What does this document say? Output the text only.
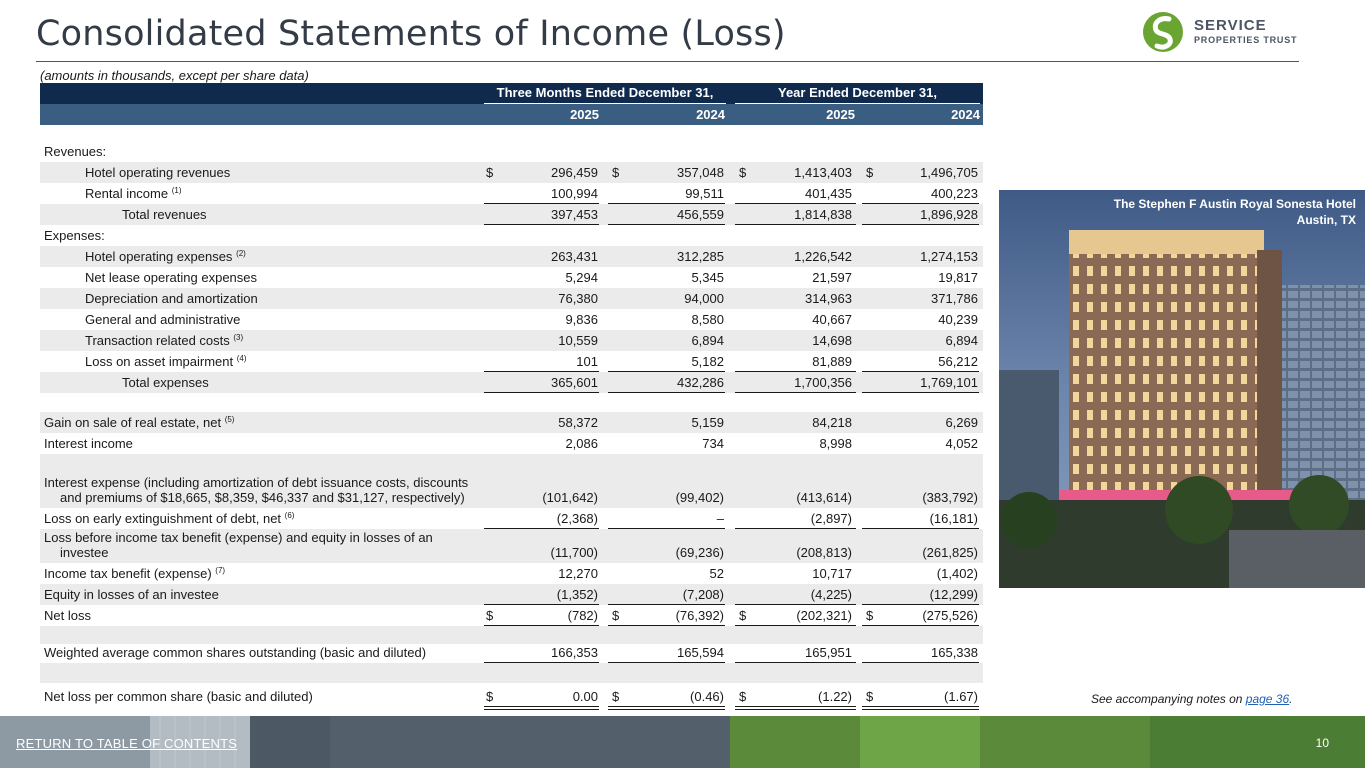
Consolidated Statements of Income (Loss)	SERVICE
PROPERTIES TRUST
(amounts in thousands, except per share data)
Three Months Ended December 31,	Year Ended December 31,
2025	2024	2025	2024
Revenues:
Hotel operating revenues	$	296,459 $	357,048 $	1,413,403 $	1,496,705
Rental income $^{(1)}$	100,994	99,511	401,435	400,223
Total revenues	397,453	456,559	1,814,838	1,896,928
Expenses:
Hotel operating expenses $^{(2)}$	263,431	312,285	1,226,542	1,274,153
Net lease operating expenses	5,294	5,345	21,597	19,817
Depreciation and amortization	76,380	94,000	314,963	371,786
General and administrative	9,836	8,580	40,667	40,239
Transaction related costs $^{(3)}$	10,559	6,894	14,698	6,894
Loss on asset impairment $^{(4)}$	101	5,182	81,889	56,212
Total expenses	365,601	432,286	1,700,356	1,769,101
Gain on sale of real estate, net $^{(5)}$	58,372	5,159	84,218	6,269
Interest income	2,086	734	8,998	4,052
Interest expense (including amortization of debt issuance costs, discounts and premiums of $18,665, $8,359, $46,337 and $31,127, respectively)	(101,642)	(99,402)	(413,614)	(383,792)
Loss on early extinguishment of debt, net $^{(6)}$	(2,368)	–	(2,897)	(16,181)
Loss before income tax benefit (expense) and equity in losses of an investee	(11,700)	(69,236)	(208,813)	(261,825)
Income tax benefit (expense) $^{(7)}$	12,270	52	10,717	(1,402)
Equity in losses of an investee	(1,352)	(7,208)	(4,225)	(12,299)
Net loss	$	(782) $	(76,392) $	(202,321) $	(275,526)
Weighted average common shares outstanding (basic and diluted)	166,353	165,594	165,951	165,338
Net loss per common share (basic and diluted)	$	0.00 $	(0.46) $	(1.22) $	(1.67)
The Stephen F Austin Royal Sonesta Hotel
Austin, TX
See accompanying notes on page 36.
RETURN TO TABLE OF CONTENTS	10
